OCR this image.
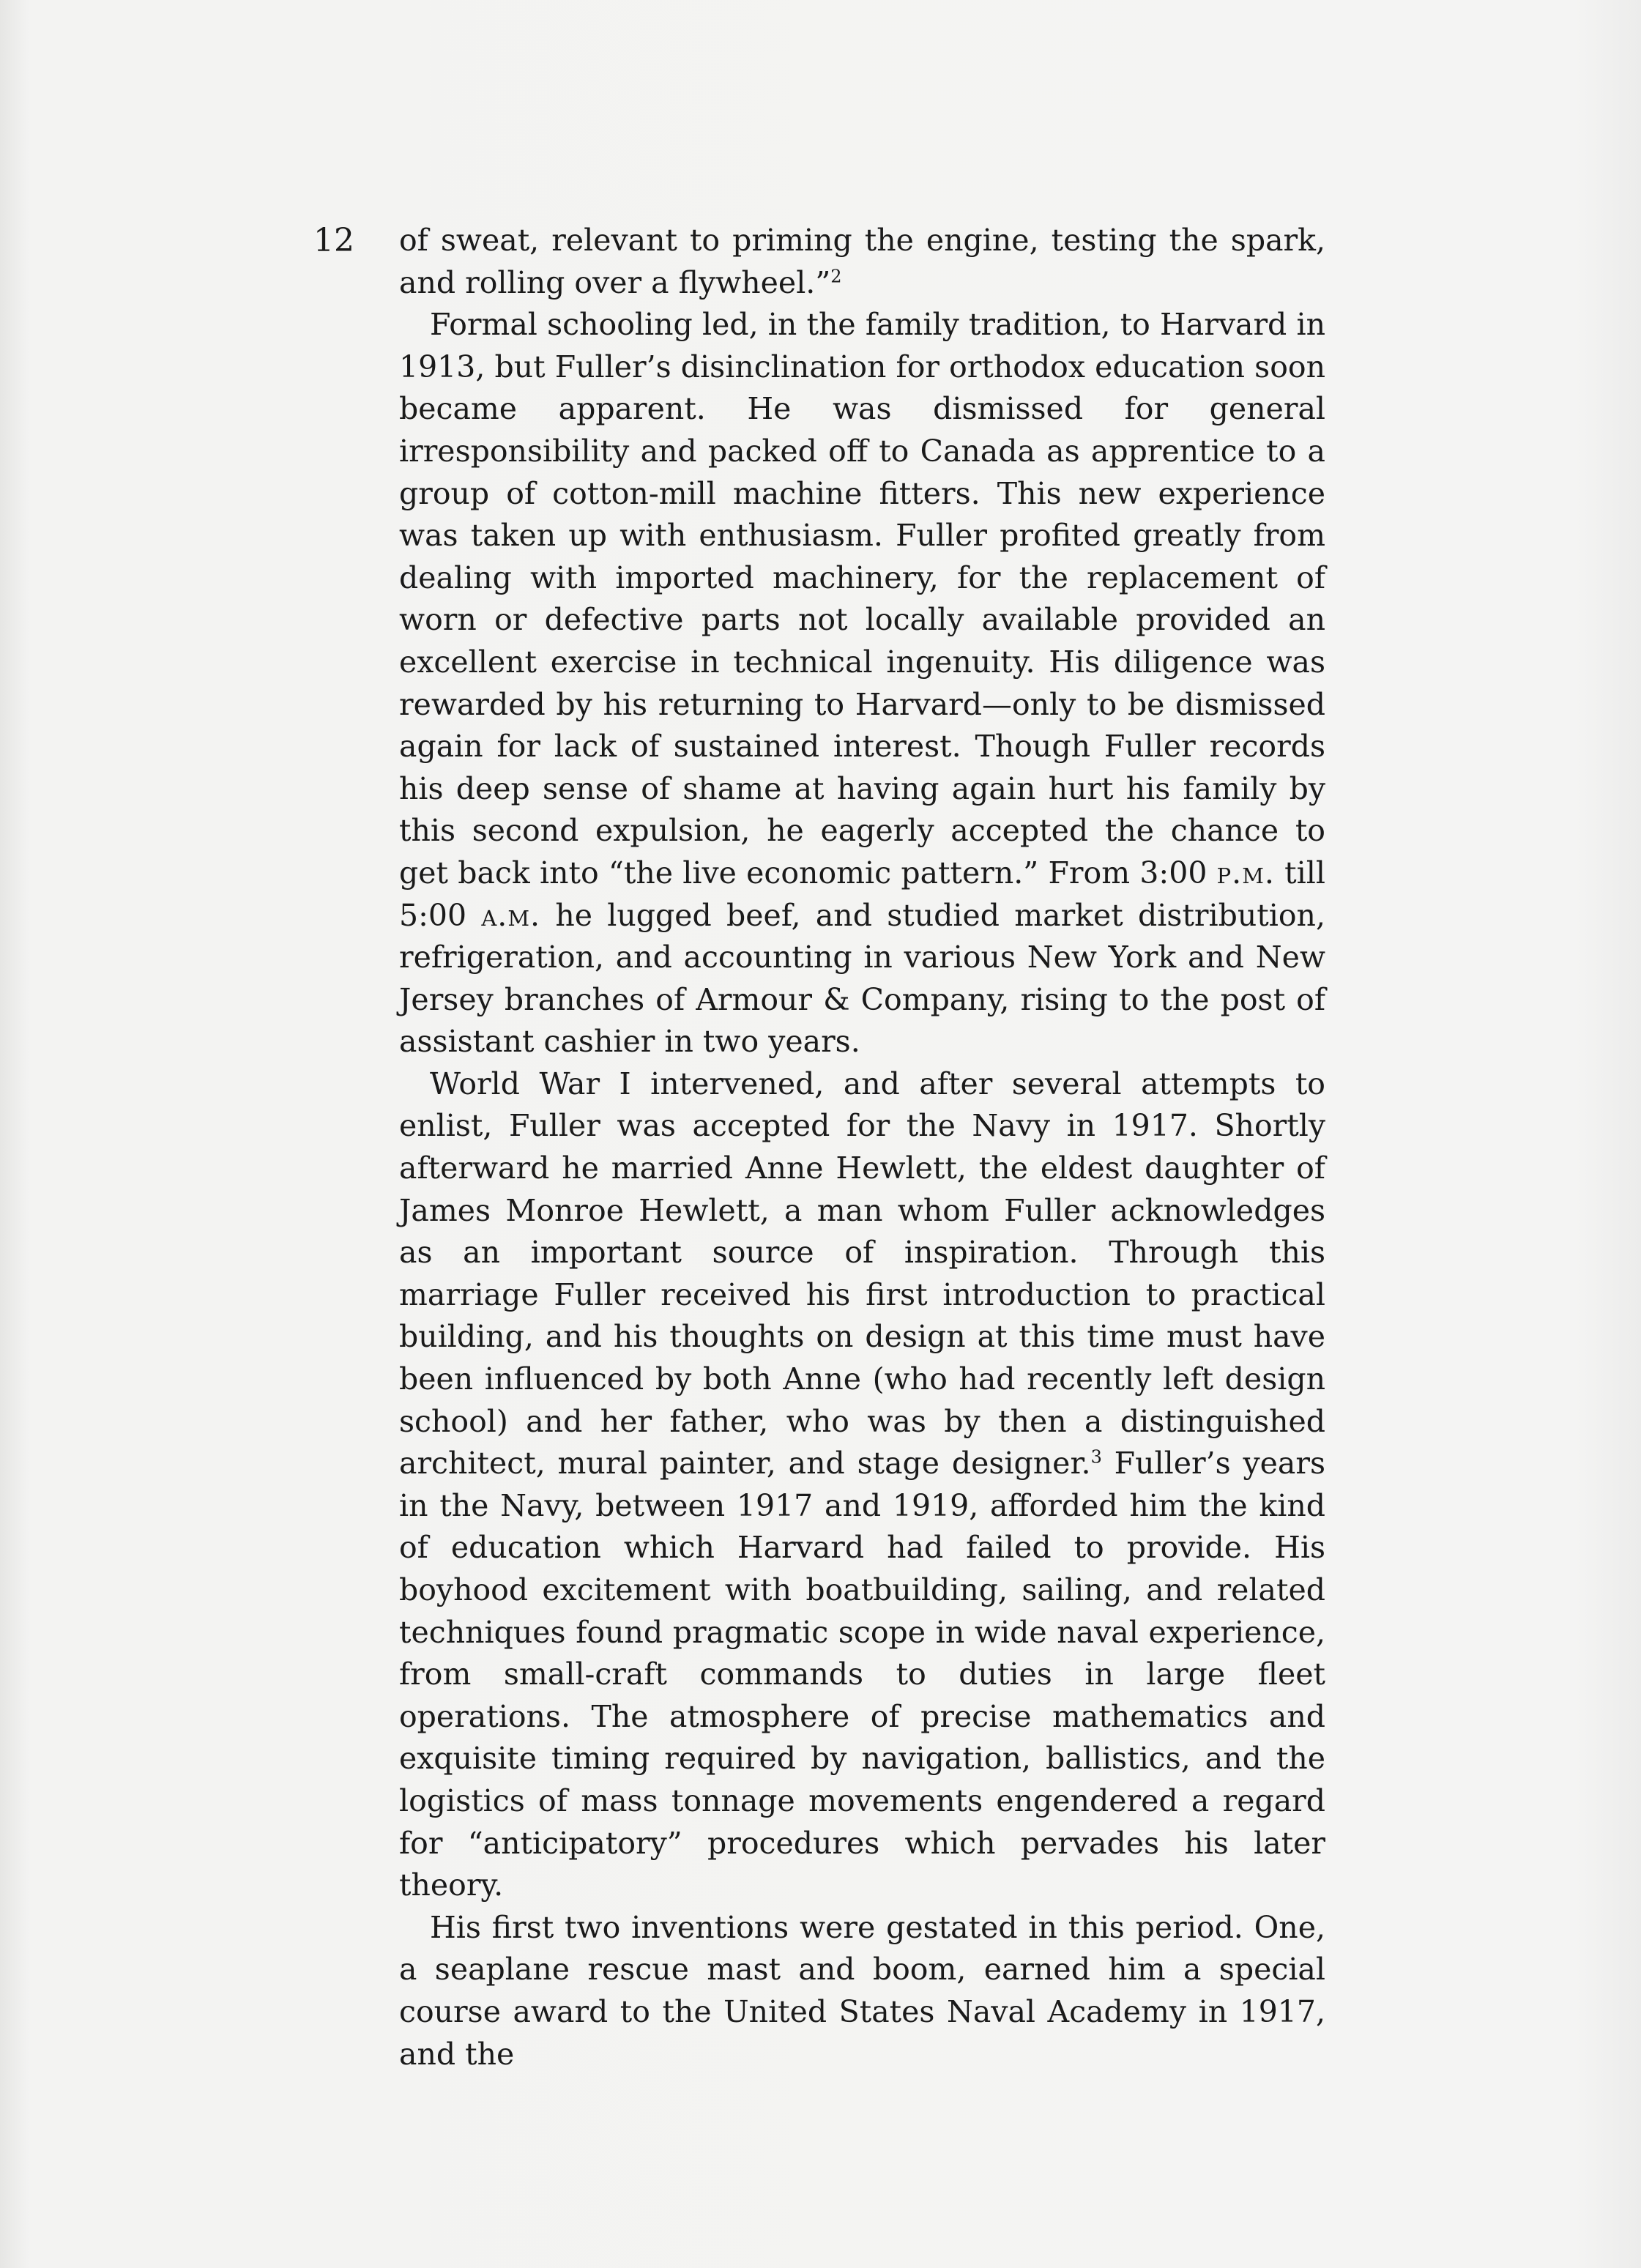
12 of sweat, relevant to priming the engine, testing the spark, and rolling over a flywheel.”$^2$

Formal schooling led, in the family tradition, to Harvard in 1913, but Fuller’s disinclination for orthodox education soon became apparent. He was dismissed for general irresponsibility and packed off to Canada as apprentice to a group of cotton-mill machine fitters. This new experience was taken up with enthusiasm. Fuller profited greatly from dealing with imported machinery, for the replacement of worn or defective parts not locally available provided an excellent exercise in technical ingenuity. His diligence was rewarded by his returning to Harvard—only to be dismissed again for lack of sustained interest. Though Fuller records his deep sense of shame at having again hurt his family by this second expulsion, he eagerly accepted the chance to get back into “the live economic pattern.” From 3:00 p.m. till 5:00 a.m. he lugged beef, and studied market distribution, refrigeration, and accounting in various New York and New Jersey branches of Armour & Company, rising to the post of assistant cashier in two years.

World War I intervened, and after several attempts to enlist, Fuller was accepted for the Navy in 1917. Shortly afterward he married Anne Hewlett, the eldest daughter of James Monroe Hewlett, a man whom Fuller acknowledges as an important source of inspiration. Through this marriage Fuller received his first introduction to practical building, and his thoughts on design at this time must have been influenced by both Anne (who had recently left design school) and her father, who was by then a distinguished architect, mural painter, and stage designer.$^3$ Fuller’s years in the Navy, between 1917 and 1919, afforded him the kind of education which Harvard had failed to provide. His boyhood excitement with boatbuilding, sailing, and related techniques found pragmatic scope in wide naval experience, from small-craft commands to duties in large fleet operations. The atmosphere of precise mathematics and exquisite timing required by navigation, ballistics, and the logistics of mass tonnage movements engendered a regard for “anticipatory” procedures which pervades his later theory.

His first two inventions were gestated in this period. One, a seaplane rescue mast and boom, earned him a special course award to the United States Naval Academy in 1917, and the
